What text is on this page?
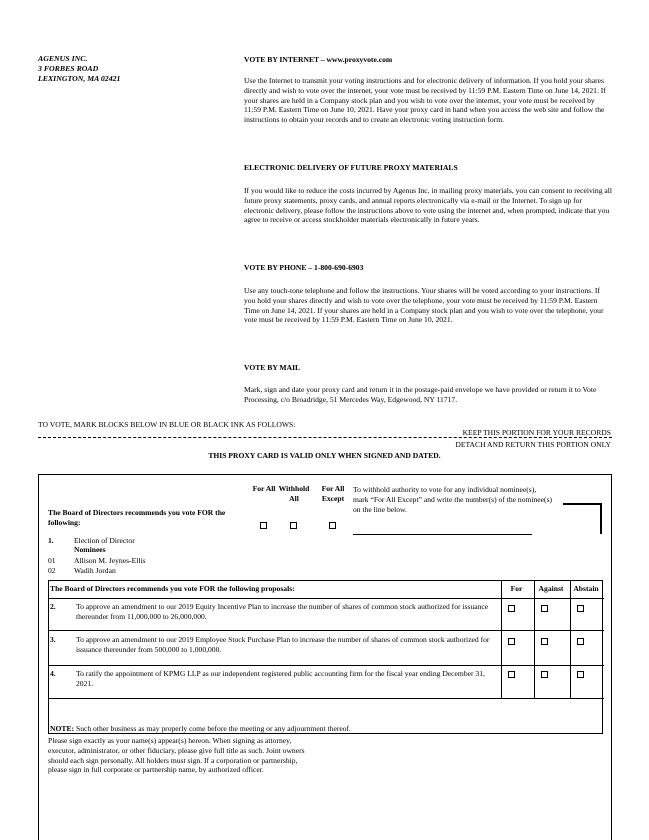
AGENUS INC.
3 FORBES ROAD
LEXINGTON, MA 02421
VOTE BY INTERNET – www.proxyvote.com
Use the Internet to transmit your voting instructions and for electronic delivery of information. If you hold your shares directly and wish to vote over the internet, your vote must be received by 11:59 P.M. Eastern Time on June 14, 2021. If your shares are held in a Company stock plan and you wish to vote over the internet, your vote must be received by 11:59 P.M. Eastern Time on June 10, 2021. Have your proxy card in hand when you access the web site and follow the instructions to obtain your records and to create an electronic voting instruction form.
ELECTRONIC DELIVERY OF FUTURE PROXY MATERIALS
If you would like to reduce the costs incurred by Agenus Inc. in mailing proxy materials, you can consent to receiving all future proxy statements, proxy cards, and annual reports electronically via e-mail or the Internet. To sign up for electronic delivery, please follow the instructions above to vote using the internet and, when prompted, indicate that you agree to receive or access stockholder materials electronically in future years.
VOTE BY PHONE – 1-800-690-6903
Use any touch-tone telephone and follow the instructions. Your shares will be voted according to your instructions. If you hold your shares directly and wish to vote over the telephone, your vote must be received by 11:59 P.M. Eastern Time on June 14, 2021. If your shares are held in a Company stock plan and you wish to vote over the telephone, your vote must be received by 11:59 P.M. Eastern Time on June 10, 2021.
VOTE BY MAIL
Mark, sign and date your proxy card and return it in the postage-paid envelope we have provided or return it to Vote Processing, c/o Broadridge, 51 Mercedes Way, Edgewood, NY 11717.
TO VOTE, MARK BLOCKS BELOW IN BLUE OR BLACK INK AS FOLLOWS:
KEEP THIS PORTION FOR YOUR RECORDS
DETACH AND RETURN THIS PORTION ONLY
THIS PROXY CARD IS VALID ONLY WHEN SIGNED AND DATED.
The Board of Directors recommends you vote FOR the following:
For All Withhold All
For All Except
To withhold authority to vote for any individual nominee(s), mark “For All Except” and write the number(s) of the nominee(s) on the line below.
1.	Election of Director
Nominees
01 Allison M. Jeynes-Ellis
02 Wadih Jordan
The Board of Directors recommends you vote FOR the following proposals:	For	Against	Abstain
2.	To approve an amendment to our 2019 Equity Incentive Plan to increase the number of shares of common stock authorized for issuance thereunder from 11,000,000 to 26,000,000.
3.	To approve an amendment to our 2019 Employee Stock Purchase Plan to increase the number of shares of common stock authorized for issuance thereunder from 500,000 to 1,000,000.
4.	To ratify the appointment of KPMG LLP as our independent registered public accounting firm for the fiscal year ending December 31, 2021.
NOTE: Such other business as may properly come before the meeting or any adjournment thereof.
Please sign exactly as your name(s) appear(s) hereon. When signing as attorney,
executor, administrator, or other fiduciary, please give full title as such. Joint owners
should each sign personally. All holders must sign. If a corporation or partnership,
please sign in full corporate or partnership name, by authorized officer.
